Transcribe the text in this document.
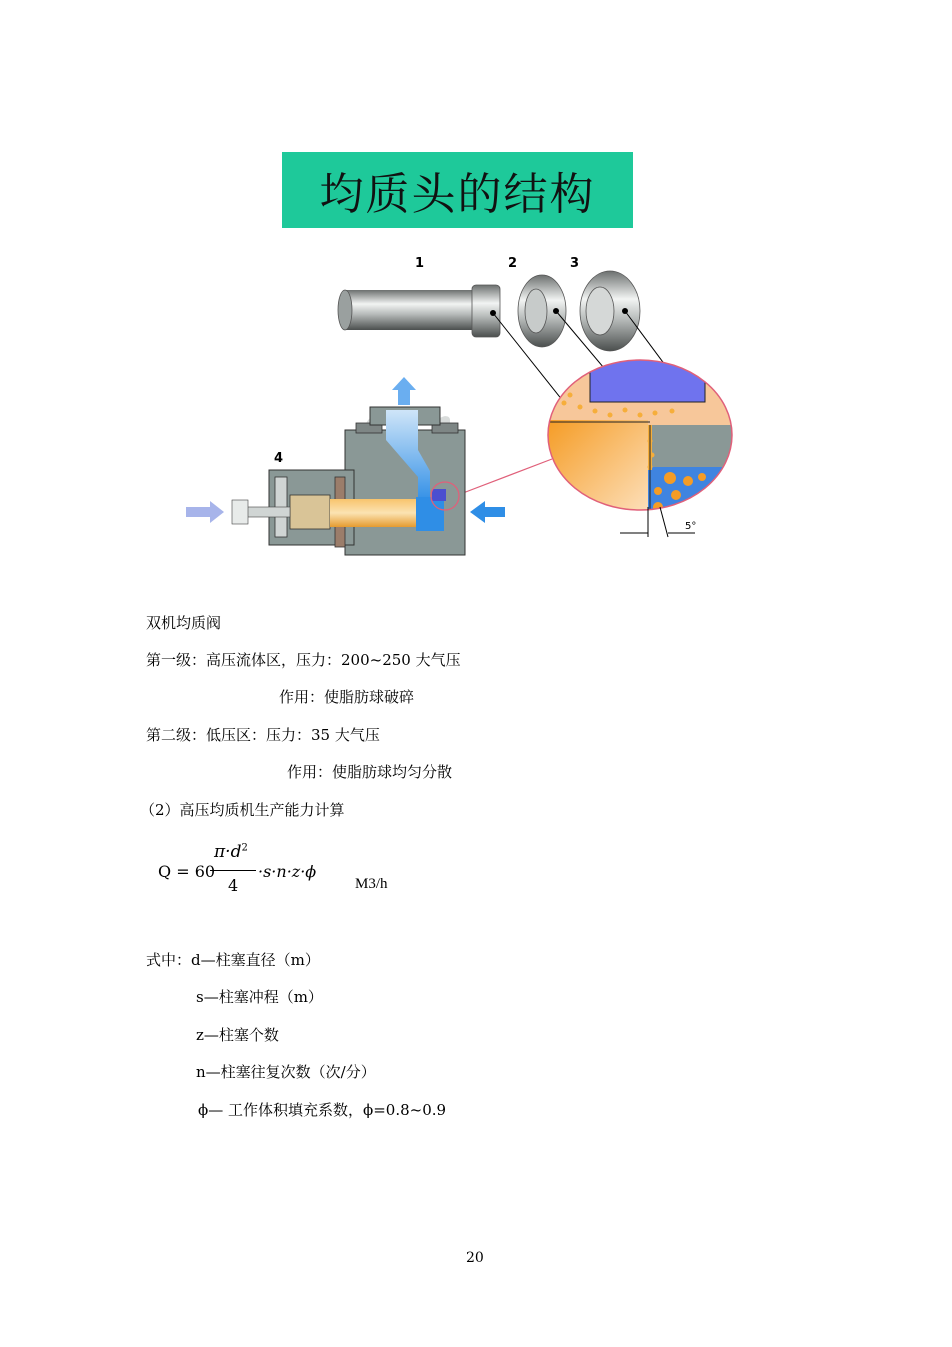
均质头的结构
1	2	3
4
5°
双机均质阀
第一级：高压流体区，压力：200~250 大气压
作用：使脂肪球破碎
第二级：低压区：压力：35 大气压
作用：使脂肪球均匀分散
（2）高压均质机生产能力计算
Q = 60
$\pi\cdot d^2$
4
·s·n·z·ϕ
M3/h
式中：d—柱塞直径（m）
s—柱塞冲程（m）
z—柱塞个数
n—柱塞往复次数（次/分）
ϕ— 工作体积填充系数，ϕ=0.8~0.9
20
